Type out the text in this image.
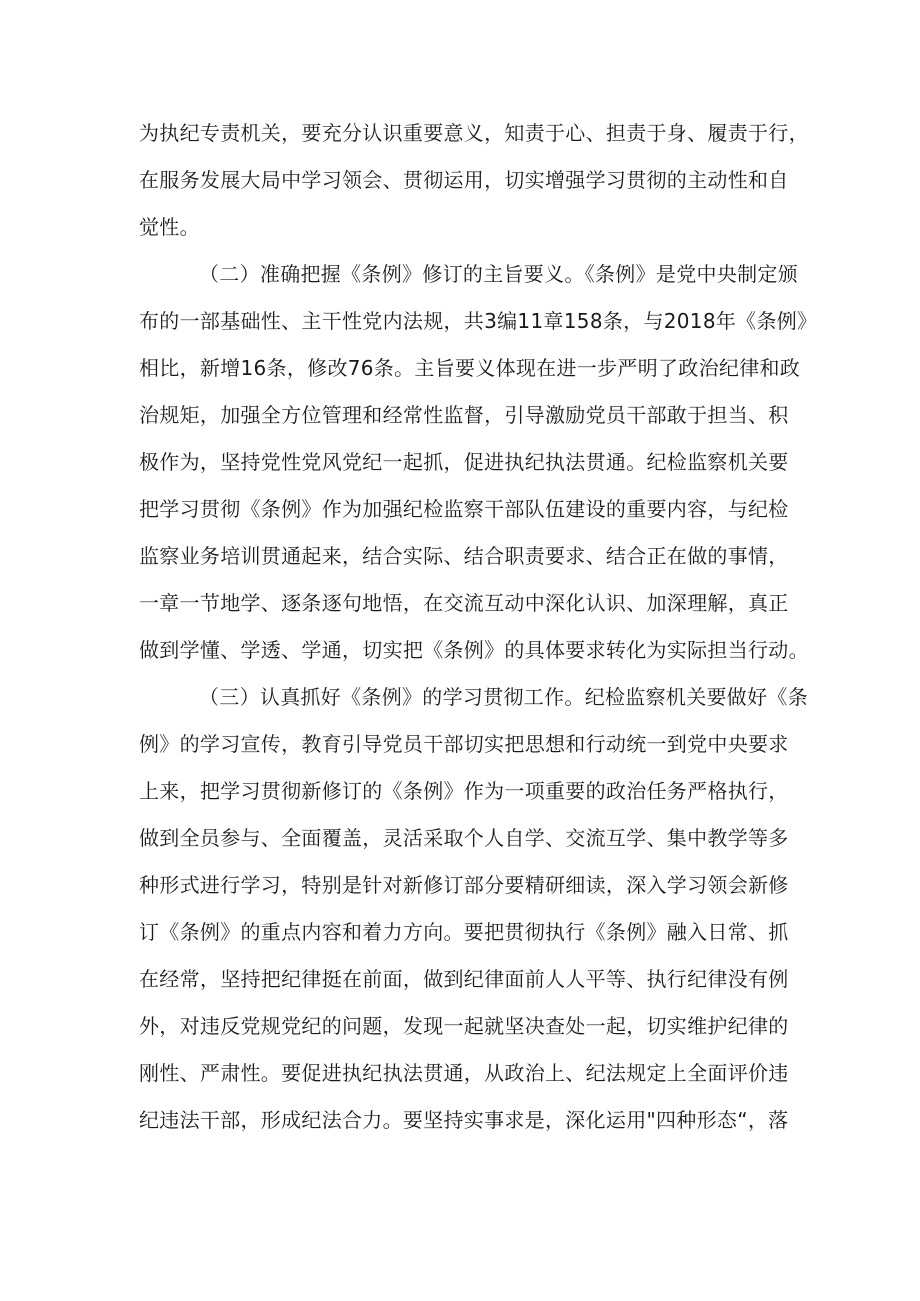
为执纪专责机关，要充分认识重要意义，知责于心、担责于身、履责于行，
在服务发展大局中学习领会、贯彻运用，切实增强学习贯彻的主动性和自
觉性。

（二）准确把握《条例》修订的主旨要义。《条例》是党中央制定颁
布的一部基础性、主干性党内法规，共3编11章158条，与2018年《条例》
相比，新增16条，修改76条。主旨要义体现在进一步严明了政治纪律和政
治规矩，加强全方位管理和经常性监督，引导激励党员干部敢于担当、积
极作为，坚持党性党风党纪一起抓，促进执纪执法贯通。纪检监察机关要
把学习贯彻《条例》作为加强纪检监察干部队伍建设的重要内容，与纪检
监察业务培训贯通起来，结合实际、结合职责要求、结合正在做的事情，
一章一节地学、逐条逐句地悟，在交流互动中深化认识、加深理解，真正
做到学懂、学透、学通，切实把《条例》的具体要求转化为实际担当行动。

（三）认真抓好《条例》的学习贯彻工作。纪检监察机关要做好《条
例》的学习宣传，教育引导党员干部切实把思想和行动统一到党中央要求
上来，把学习贯彻新修订的《条例》作为一项重要的政治任务严格执行，
做到全员参与、全面覆盖，灵活采取个人自学、交流互学、集中教学等多
种形式进行学习，特别是针对新修订部分要精研细读，深入学习领会新修
订《条例》的重点内容和着力方向。要把贯彻执行《条例》融入日常、抓
在经常，坚持把纪律挺在前面，做到纪律面前人人平等、执行纪律没有例
外，对违反党规党纪的问题，发现一起就坚决查处一起，切实维护纪律的
刚性、严肃性。要促进执纪执法贯通，从政治上、纪法规定上全面评价违
纪违法干部，形成纪法合力。要坚持实事求是，深化运用"四种形态“，落
